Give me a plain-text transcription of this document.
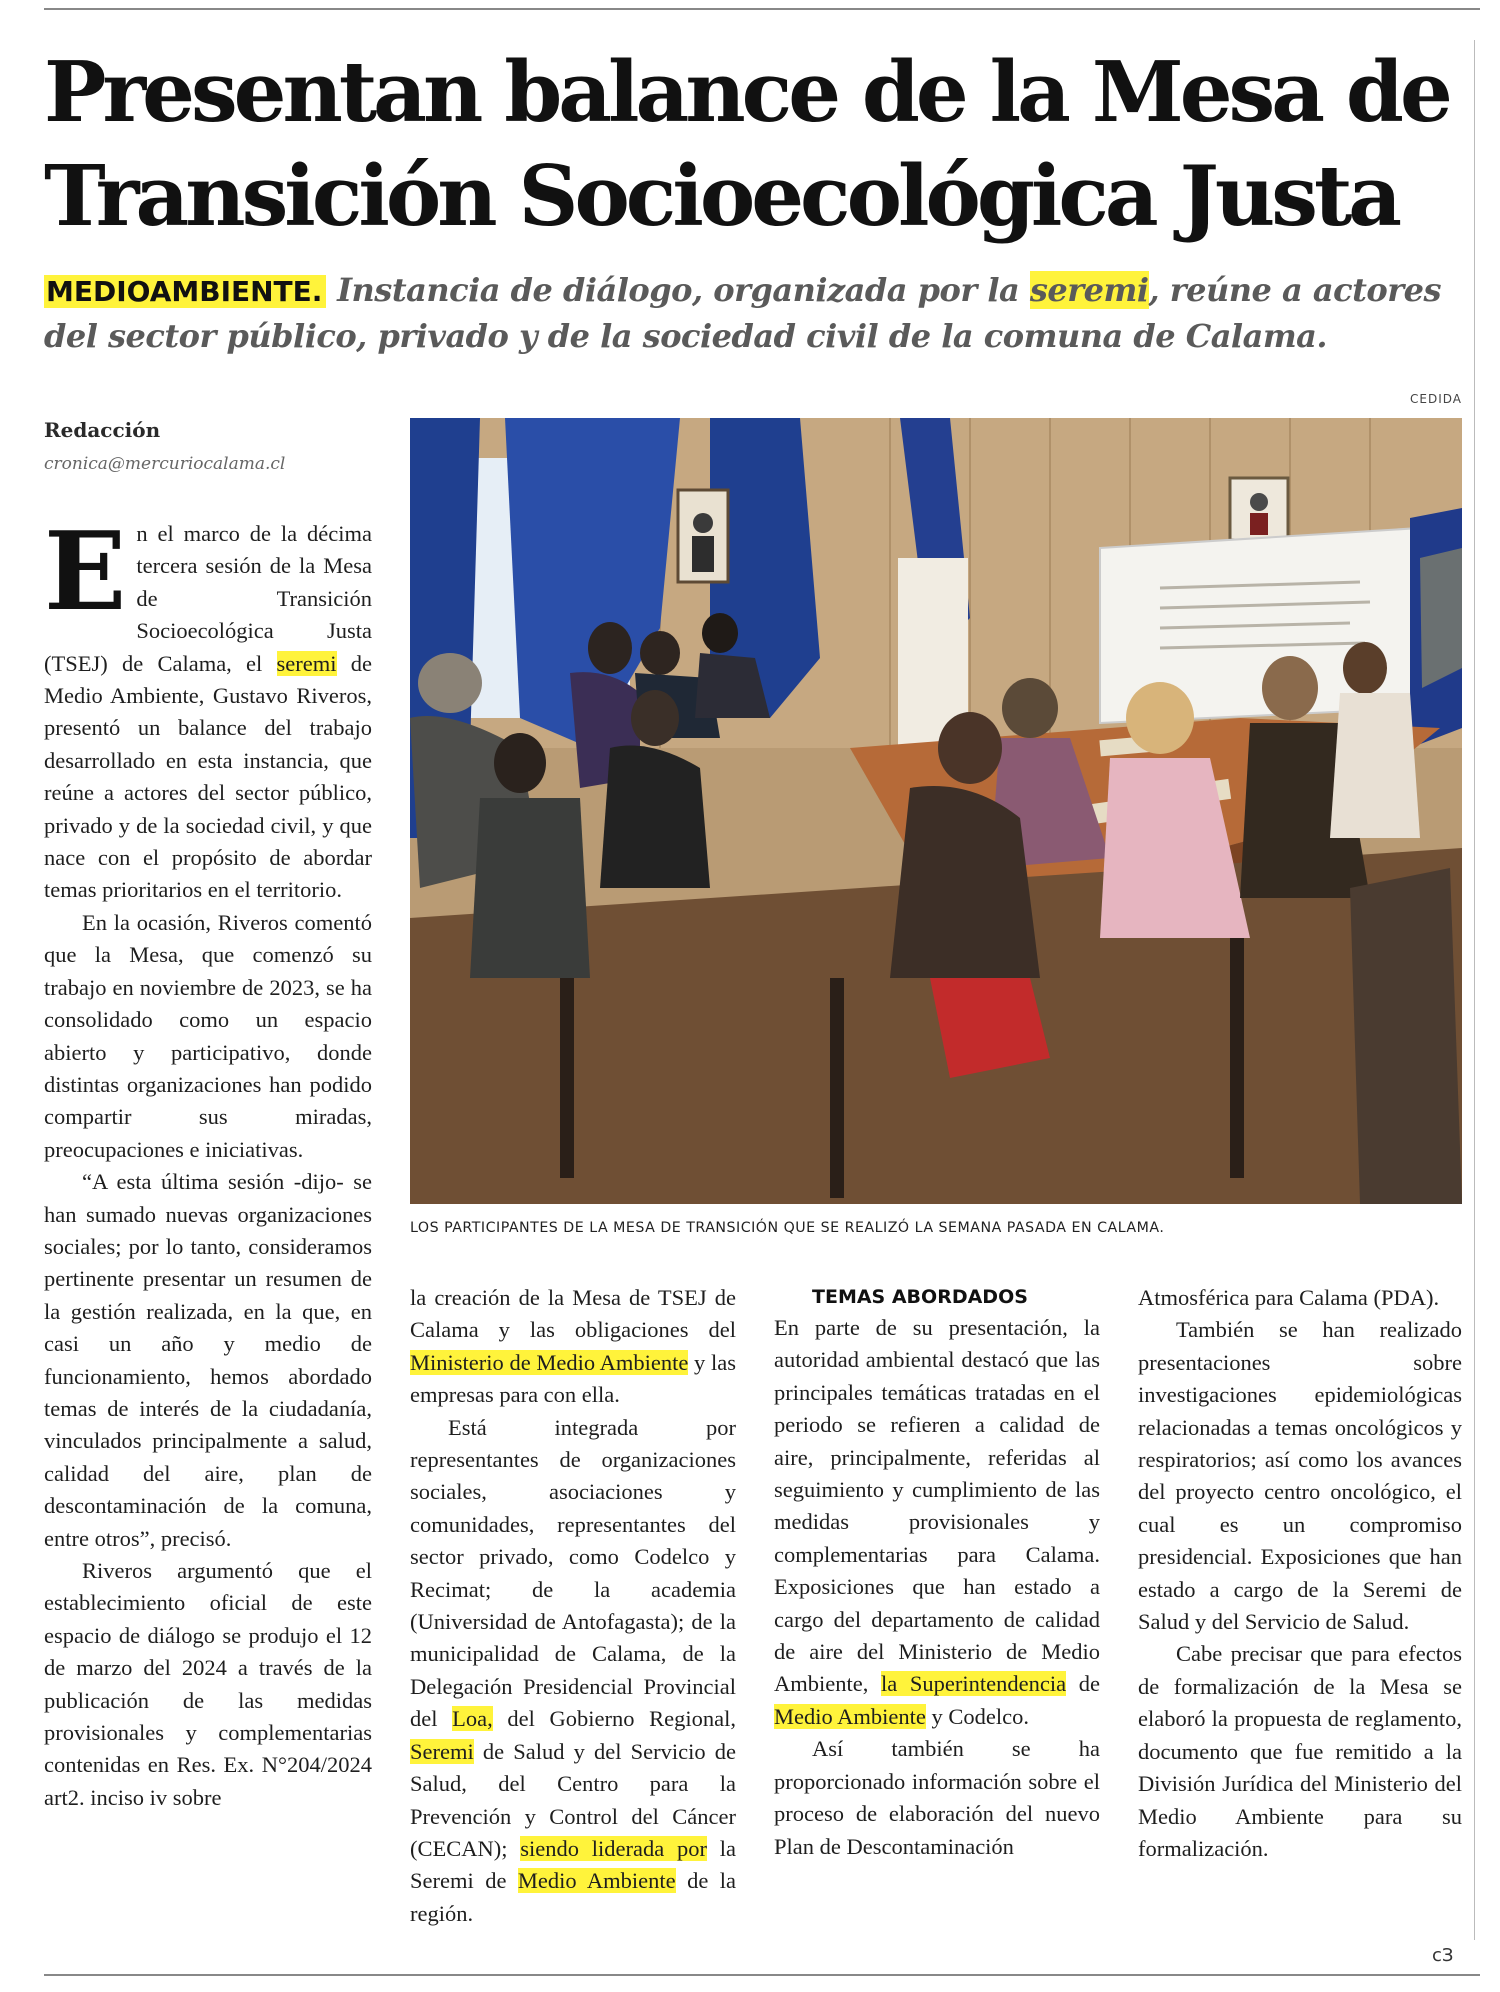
Presentan balance de la Mesa de Transición Socioecológica Justa

MEDIOAMBIENTE. Instancia de diálogo, organizada por la seremi, reúne a actores del sector público, privado y de la sociedad civil de la comuna de Calama.

Redacción

cronica@mercuriocalama.cl

CEDIDA

LOS PARTICIPANTES DE LA MESA DE TRANSICIÓN QUE SE REALIZÓ LA SEMANA PASADA EN CALAMA.

En el marco de la décima tercera sesión de la Mesa de Transición Socioecológica Justa (TSEJ) de Calama, el seremi de Medio Ambiente, Gustavo Riveros, presentó un balance del trabajo desarrollado en esta instancia, que reúne a actores del sector público, privado y de la sociedad civil, y que nace con el propósito de abordar temas prioritarios en el territorio.

En la ocasión, Riveros comentó que la Mesa, que comenzó su trabajo en noviembre de 2023, se ha consolidado como un espacio abierto y participativo, donde distintas organizaciones han podido compartir sus miradas, preocupaciones e iniciativas.

“A esta última sesión -dijo- se han sumado nuevas organizaciones sociales; por lo tanto, consideramos pertinente presentar un resumen de la gestión realizada, en la que, en casi un año y medio de funcionamiento, hemos abordado temas de interés de la ciudadanía, vinculados principalmente a salud, calidad del aire, plan de descontaminación de la comuna, entre otros”, precisó.

Riveros argumentó que el establecimiento oficial de este espacio de diálogo se produjo el 12 de marzo del 2024 a través de la publicación de las medidas provisionales y complementarias contenidas en Res. Ex. N°204/2024 art2. inciso iv sobre

la creación de la Mesa de TSEJ de Calama y las obligaciones del Ministerio de Medio Ambiente y las empresas para con ella.

Está integrada por representantes de organizaciones sociales, asociaciones y comunidades, representantes del sector privado, como Codelco y Recimat; de la academia (Universidad de Antofagasta); de la municipalidad de Calama, de la Delegación Presidencial Provincial del Loa, del Gobierno Regional, Seremi de Salud y del Servicio de Salud, del Centro para la Prevención y Control del Cáncer (CECAN); siendo liderada por la Seremi de Medio Ambiente de la región.

TEMAS ABORDADOS

En parte de su presentación, la autoridad ambiental destacó que las principales temáticas tratadas en el periodo se refieren a calidad de aire, principalmente, referidas al seguimiento y cumplimiento de las medidas provisionales y complementarias para Calama. Exposiciones que han estado a cargo del departamento de calidad de aire del Ministerio de Medio Ambiente, la Superintendencia de Medio Ambiente y Codelco.

Así también se ha proporcionado información sobre el proceso de elaboración del nuevo Plan de Descontaminación

Atmosférica para Calama (PDA).

También se han realizado presentaciones sobre investigaciones epidemiológicas relacionadas a temas oncológicos y respiratorios; así como los avances del proyecto centro oncológico, el cual es un compromiso presidencial. Exposiciones que han estado a cargo de la Seremi de Salud y del Servicio de Salud.

Cabe precisar que para efectos de formalización de la Mesa se elaboró la propuesta de reglamento, documento que fue remitido a la División Jurídica del Ministerio del Medio Ambiente para su formalización.

cЗ
